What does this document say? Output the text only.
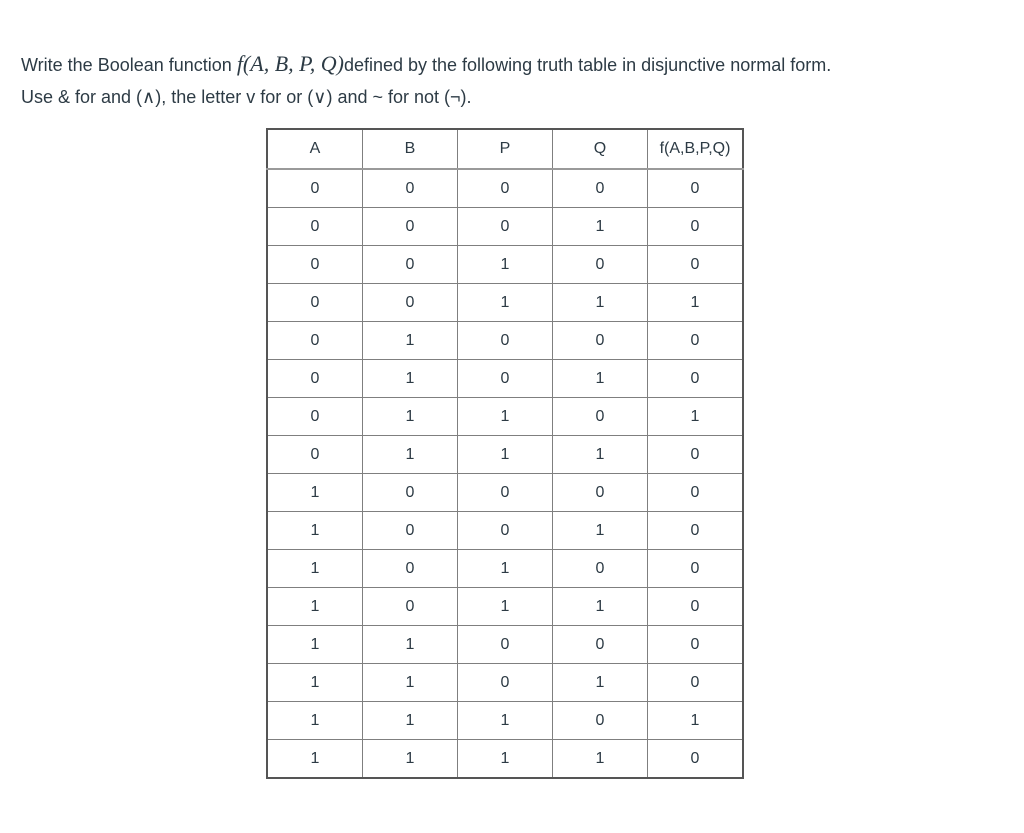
Write the Boolean function f(A, B, P, Q)defined by the following truth table in disjunctive normal form.
Use & for and (∧), the letter v for or (∨) and ~ for not (¬).
A	B	P	Q	f(A,B,P,Q)
0	0	0	0	0
0	0	0	1	0
0	0	1	0	0
0	0	1	1	1
0	1	0	0	0
0	1	0	1	0
0	1	1	0	1
0	1	1	1	0
1	0	0	0	0
1	0	0	1	0
1	0	1	0	0
1	0	1	1	0
1	1	0	0	0
1	1	0	1	0
1	1	1	0	1
1	1	1	1	0
